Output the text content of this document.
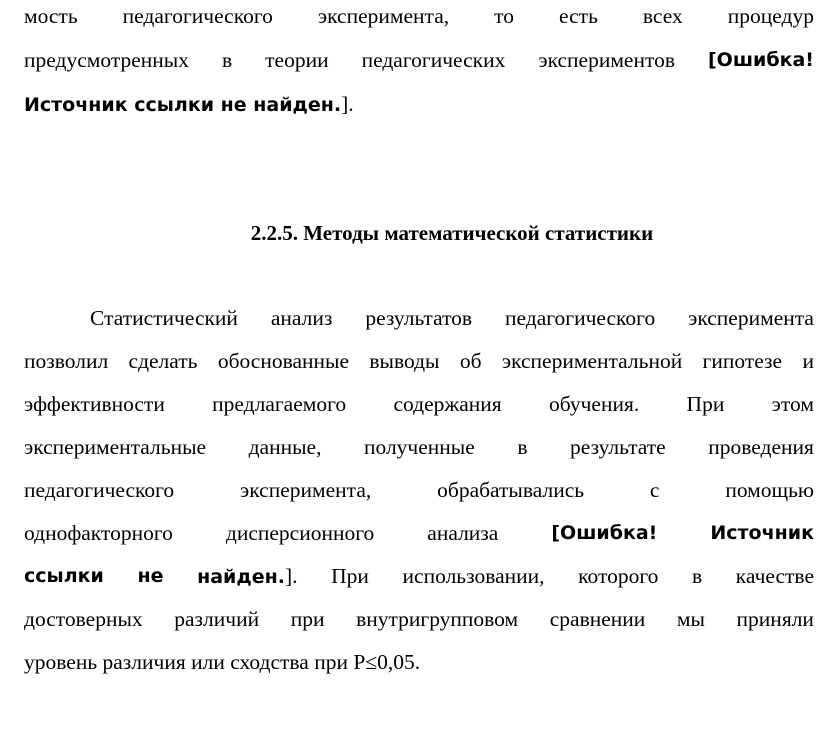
мость педагогического эксперимента, то есть всех процедур
предусмотренных в теории педагогических экспериментов [Ошибка!
Источник ссылки не найден.].
2.2.5. Методы математической статистики
Статистический анализ результатов педагогического эксперимента
позволил сделать обоснованные выводы об экспериментальной гипотезе и
эффективности предлагаемого содержания обучения. При этом
экспериментальные данные, полученные в результате проведения
педагогического	эксперимента,	обрабатывались	с	помощью
однофакторного дисперсионного анализа	[Ошибка!	Источник
ссылки не найден.]. При использовании, которого в качестве
достоверных различий при внутригрупповом сравнении мы приняли
уровень различия или сходства при P≤0,05.
